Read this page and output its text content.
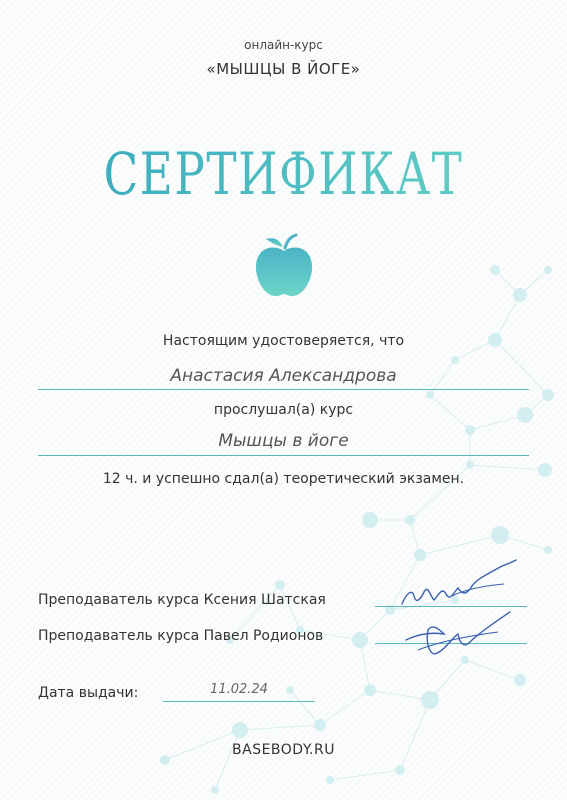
онлайн-курс
«МЫШЦЫ В ЙОГЕ»
СЕРТИФИКАТ
Настоящим удостоверяется, что
Анастасия Александрова
прослушал(а) курс
Мышцы в йоге
12 ч. и успешно сдал(а) теоретический экзамен.
Преподаватель курса Ксения Шатская
Преподаватель курса Павел Родионов
Дата выдачи:	11.02.24
BASEBODY.RU
